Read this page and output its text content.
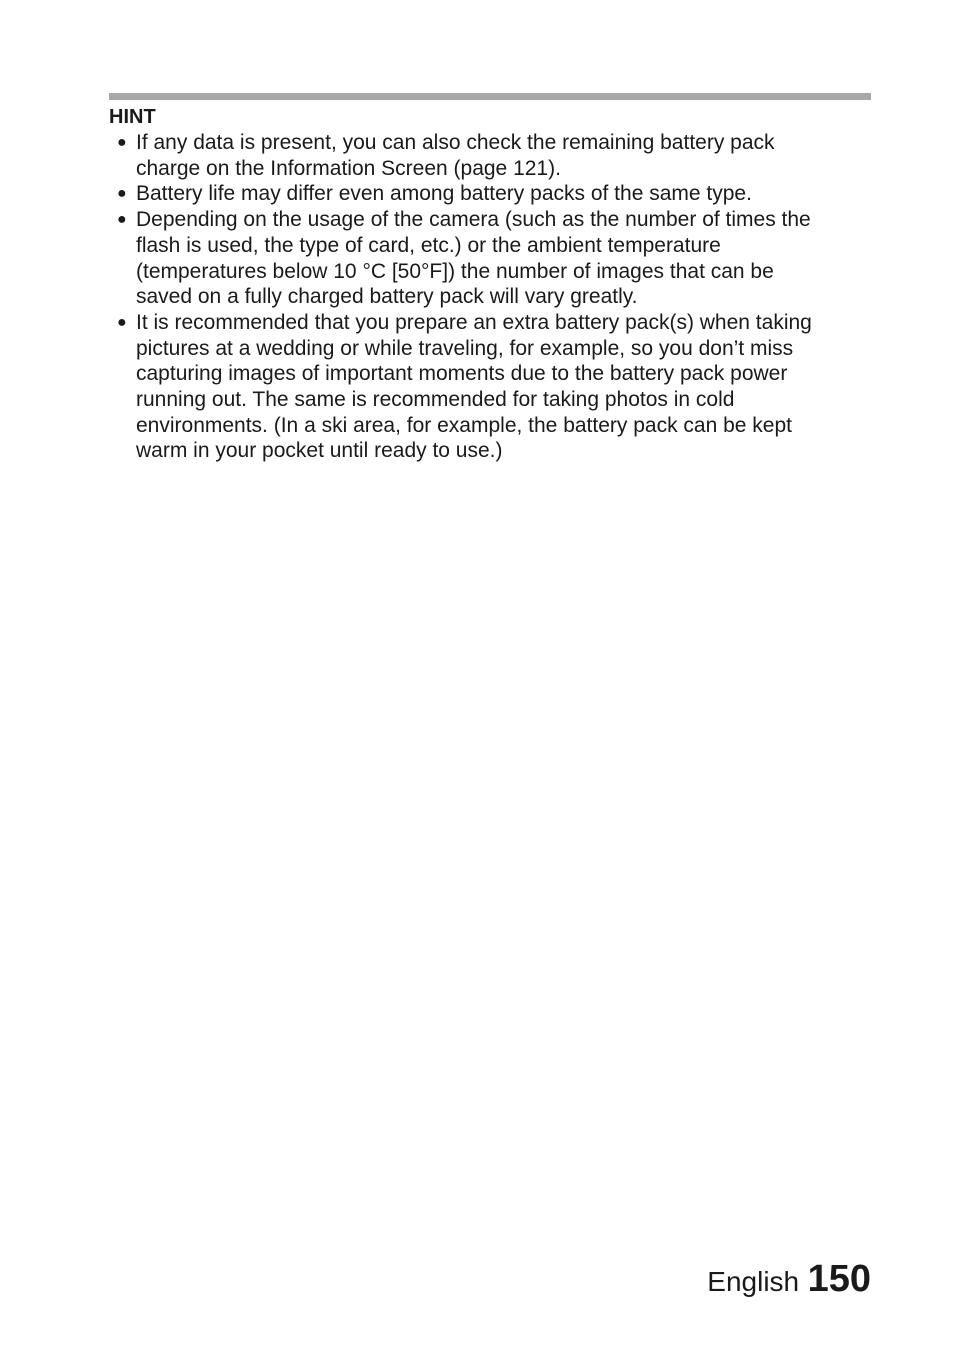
HINT
● If any data is present, you can also check the remaining battery pack
charge on the Information Screen (page 121).
● Battery life may differ even among battery packs of the same type.
● Depending on the usage of the camera (such as the number of times the
flash is used, the type of card, etc.) or the ambient temperature
(temperatures below 10 °C [50°F]) the number of images that can be
saved on a fully charged battery pack will vary greatly.
● It is recommended that you prepare an extra battery pack(s) when taking
pictures at a wedding or while traveling, for example, so you don’t miss
capturing images of important moments due to the battery pack power
running out. The same is recommended for taking photos in cold
environments. (In a ski area, for example, the battery pack can be kept
warm in your pocket until ready to use.)
English 150
